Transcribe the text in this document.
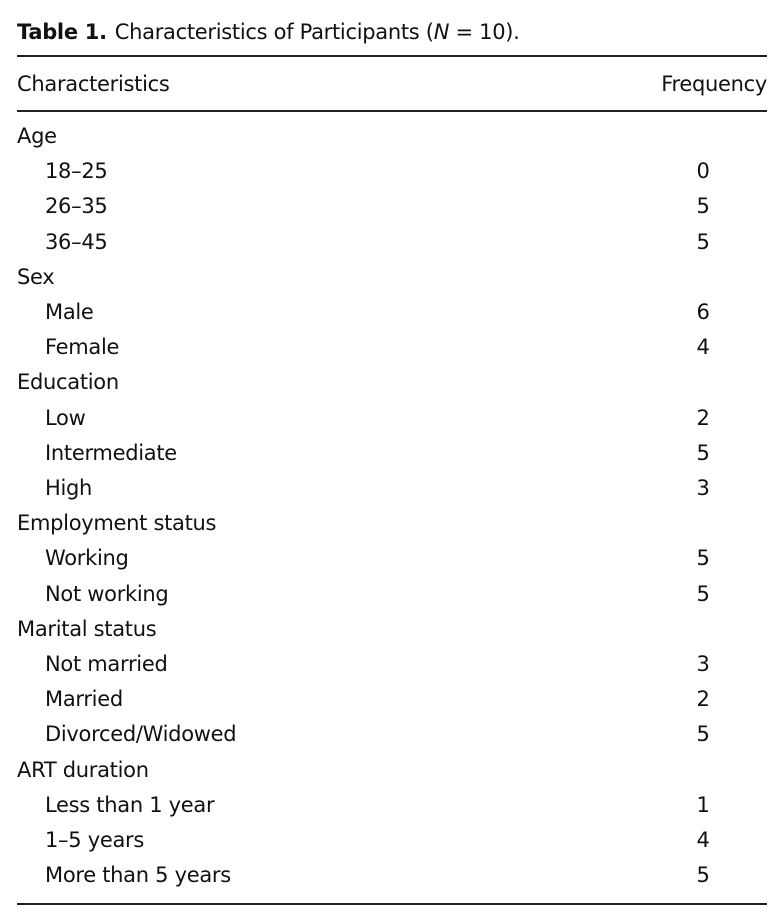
Table 1. Characteristics of Participants (N = 10).
Characteristics	Frequency
Age
18–25	0
26–35	5
36–45	5
Sex
Male	6
Female	4
Education
Low	2
Intermediate	5
High	3
Employment status
Working	5
Not working	5
Marital status
Not married	3
Married	2
Divorced/Widowed	5
ART duration
Less than 1 year	1
1–5 years	4
More than 5 years	5
